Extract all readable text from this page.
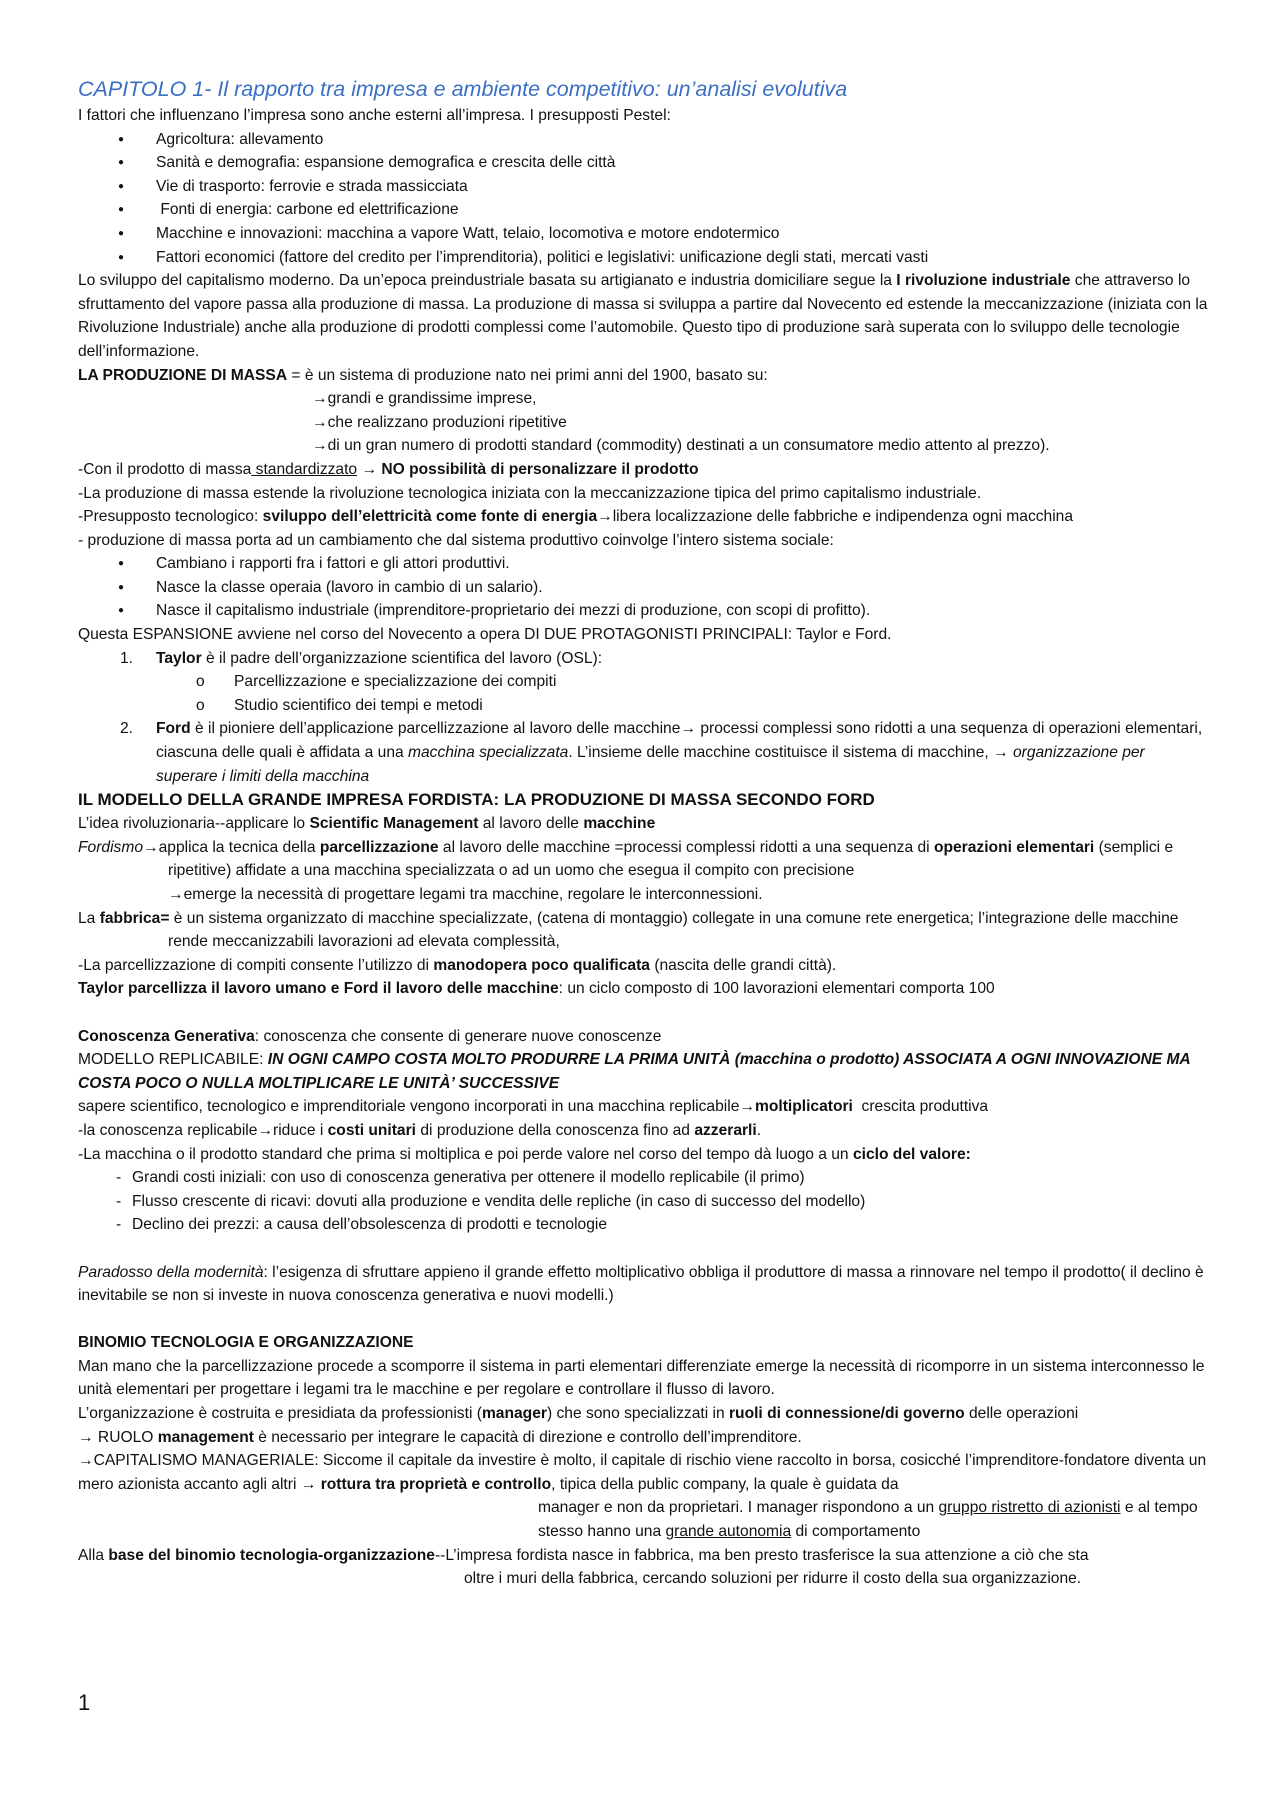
CAPITOLO 1- Il rapporto tra impresa e ambiente competitivo: un’analisi evolutiva

I fattori che influenzano l’impresa sono anche esterni all’impresa. I presupposti Pestel:

● Agricoltura: allevamento
● Sanità e demografia: espansione demografica e crescita delle città
● Vie di trasporto: ferrovie e strada massicciata
●  Fonti di energia: carbone ed elettrificazione
● Macchine e innovazioni: macchina a vapore Watt, telaio, locomotiva e motore endotermico
● Fattori economici (fattore del credito per l’imprenditoria), politici e legislativi: unificazione degli stati, mercati vasti

Lo sviluppo del capitalismo moderno. Da un’epoca preindustriale basata su artigianato e industria domiciliare segue la I rivoluzione industriale che attraverso lo sfruttamento del vapore passa alla produzione di massa. La produzione di massa si sviluppa a partire dal Novecento ed estende la meccanizzazione (iniziata con la Rivoluzione Industriale) anche alla produzione di prodotti complessi come l’automobile. Questo tipo di produzione sarà superata con lo sviluppo delle tecnologie dell’informazione.

LA PRODUZIONE DI MASSA = è un sistema di produzione nato nei primi anni del 1900, basato su:

→grandi e grandissime imprese,

→che realizzano produzioni ripetitive

→di un gran numero di prodotti standard (commodity) destinati a un consumatore medio attento al prezzo).

-Con il prodotto di massa standardizzato → NO possibilità di personalizzare il prodotto

-La produzione di massa estende la rivoluzione tecnologica iniziata con la meccanizzazione tipica del primo capitalismo industriale.

-Presupposto tecnologico: sviluppo dell’elettricità come fonte di energia→libera localizzazione delle fabbriche e indipendenza ogni macchina

- produzione di massa porta ad un cambiamento che dal sistema produttivo coinvolge l’intero sistema sociale:

● Cambiano i rapporti fra i fattori e gli attori produttivi.
● Nasce la classe operaia (lavoro in cambio di un salario).
● Nasce il capitalismo industriale (imprenditore-proprietario dei mezzi di produzione, con scopi di profitto).

Questa ESPANSIONE avviene nel corso del Novecento a opera DI DUE PROTAGONISTI PRINCIPALI: Taylor e Ford.

1. Taylor è il padre dell’organizzazione scientifica del lavoro (OSL):
o Parcellizzazione e specializzazione dei compiti
o Studio scientifico dei tempi e metodi
2. Ford è il pioniere dell’applicazione parcellizzazione al lavoro delle macchine→ processi complessi sono ridotti a una sequenza di operazioni elementari, ciascuna delle quali è affidata a una macchina specializzata. L’insieme delle macchine costituisce il sistema di macchine, → organizzazione per superare i limiti della macchina

IL MODELLO DELLA GRANDE IMPRESA FORDISTA: LA PRODUZIONE DI MASSA SECONDO FORD

L’idea rivoluzionaria--applicare lo Scientific Management al lavoro delle macchine

Fordismo→applica la tecnica della parcellizzazione al lavoro delle macchine =processi complessi ridotti a una sequenza di operazioni elementari (semplici e ripetitive) affidate a una macchina specializzata o ad un uomo che esegua il compito con precisione

→emerge la necessità di progettare legami tra macchine, regolare le interconnessioni.

La fabbrica= è un sistema organizzato di macchine specializzate, (catena di montaggio) collegate in una comune rete energetica; l’integrazione delle macchine rende meccanizzabili lavorazioni ad elevata complessità,

-La parcellizzazione di compiti consente l’utilizzo di manodopera poco qualificata (nascita delle grandi città).

Taylor parcellizza il lavoro umano e Ford il lavoro delle macchine: un ciclo composto di 100 lavorazioni elementari comporta 100

Conoscenza Generativa: conoscenza che consente di generare nuove conoscenze

MODELLO REPLICABILE: IN OGNI CAMPO COSTA MOLTO PRODURRE LA PRIMA UNITÀ (macchina o prodotto) ASSOCIATA A OGNI INNOVAZIONE MA COSTA POCO O NULLA MOLTIPLICARE LE UNITÀ’ SUCCESSIVE

sapere scientifico, tecnologico e imprenditoriale vengono incorporati in una macchina replicabile→moltiplicatori  crescita produttiva

-la conoscenza replicabile→riduce i costi unitari di produzione della conoscenza fino ad azzerarli.

-La macchina o il prodotto standard che prima si moltiplica e poi perde valore nel corso del tempo dà luogo a un ciclo del valore:

- Grandi costi iniziali: con uso di conoscenza generativa per ottenere il modello replicabile (il primo)
- Flusso crescente di ricavi: dovuti alla produzione e vendita delle repliche (in caso di successo del modello)
- Declino dei prezzi: a causa dell’obsolescenza di prodotti e tecnologie

Paradosso della modernità: l’esigenza di sfruttare appieno il grande effetto moltiplicativo obbliga il produttore di massa a rinnovare nel tempo il prodotto( il declino è inevitabile se non si investe in nuova conoscenza generativa e nuovi modelli.)

BINOMIO TECNOLOGIA E ORGANIZZAZIONE

Man mano che la parcellizzazione procede a scomporre il sistema in parti elementari differenziate emerge la necessità di ricomporre in un sistema interconnesso le unità elementari per progettare i legami tra le macchine e per regolare e controllare il flusso di lavoro.

L’organizzazione è costruita e presidiata da professionisti (manager) che sono specializzati in ruoli di connessione/di governo delle operazioni

→ RUOLO management è necessario per integrare le capacità di direzione e controllo dell’imprenditore.

→CAPITALISMO MANAGERIALE: Siccome il capitale da investire è molto, il capitale di rischio viene raccolto in borsa, cosicché l’imprenditore-fondatore diventa un mero azionista accanto agli altri → rottura tra proprietà e controllo, tipica della public company, la quale è guidata da

manager e non da proprietari. I manager rispondono a un gruppo ristretto di azionisti e al tempo stesso hanno una grande autonomia di comportamento

Alla base del binomio tecnologia-organizzazione--L’impresa fordista nasce in fabbrica, ma ben presto trasferisce la sua attenzione a ciò che sta

oltre i muri della fabbrica, cercando soluzioni per ridurre il costo della sua organizzazione.

1
